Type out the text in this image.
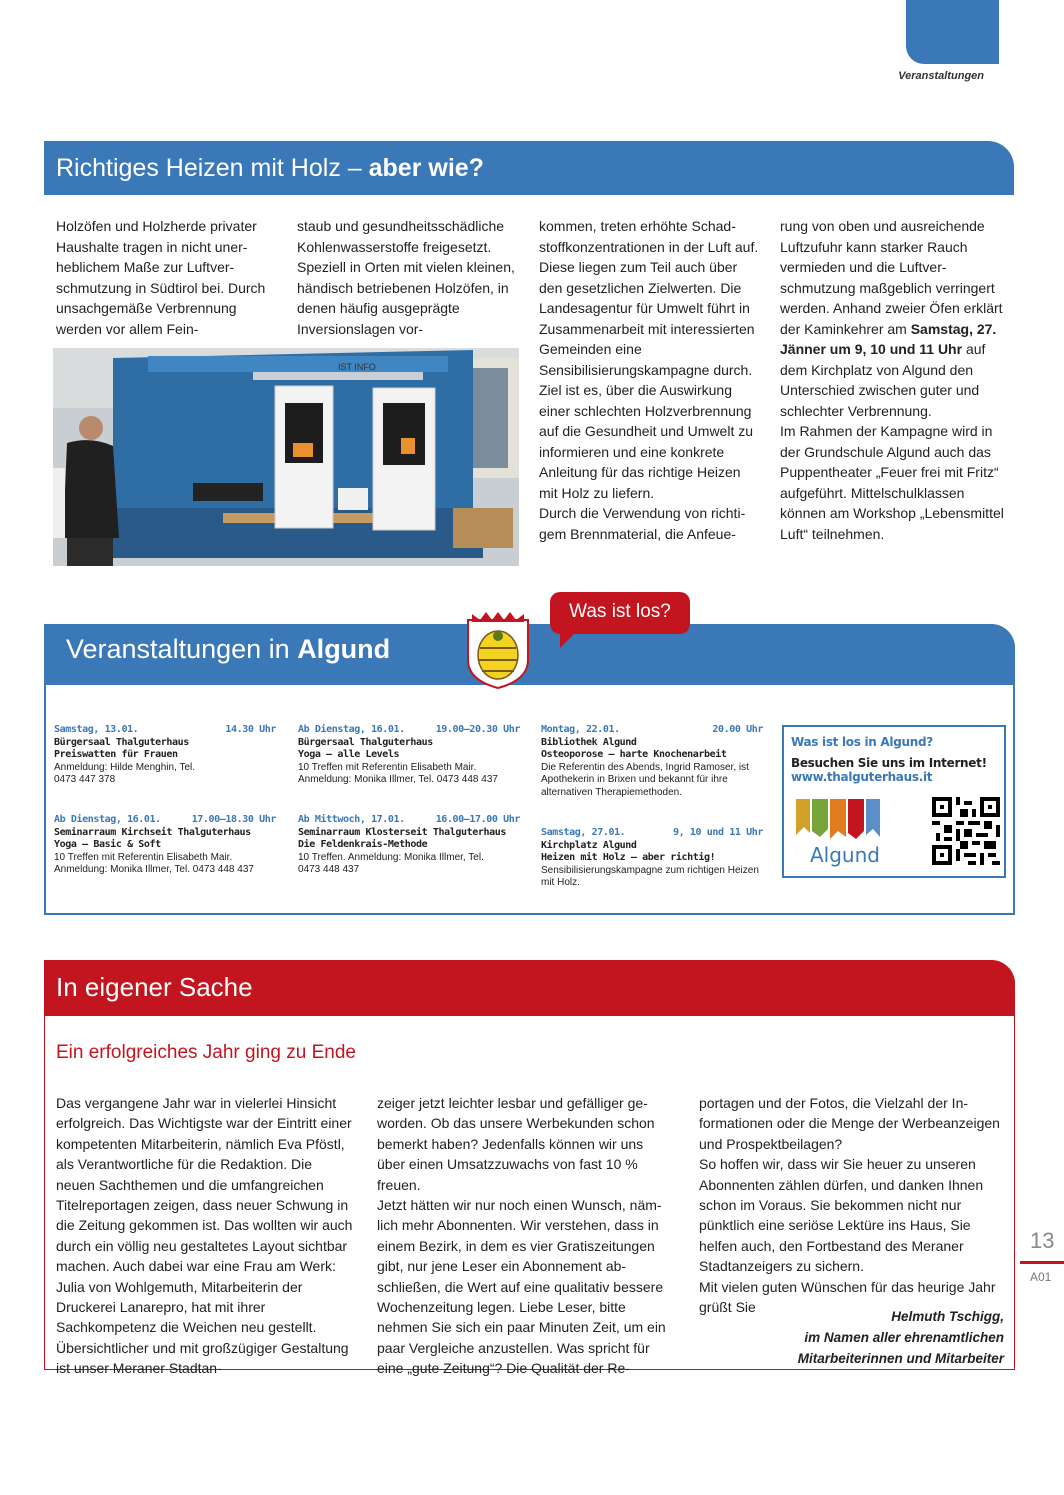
Veranstaltungen
Richtiges Heizen mit Holz – aber wie?

Holzöfen und Holzherde privater Haushalte tragen in nicht unerheblichem Maße zur Luftverschmutzung in Südtirol bei. Durch unsachgemäße Verbrennung werden vor allem Fein-

staub und gesundheitsschädliche Kohlenwasserstoffe freigesetzt. Speziell in Orten mit vielen kleinen, händisch betriebenen Holzöfen, in denen häufig ausgeprägte Inversionslagen vor-

kommen, treten erhöhte Schadstoffkonzentrationen in der Luft auf. Diese liegen zum Teil auch über den gesetzlichen Zielwerten. Die Landesagentur für Umwelt führt in Zusammenarbeit mit interessierten Gemeinden eine Sensibilisierungskampagne durch. Ziel ist es, über die Auswirkung einer schlechten Holzverbrennung auf die Gesundheit und Umwelt zu informieren und eine konkrete Anleitung für das richtige Heizen mit Holz zu liefern.

Durch die Verwendung von richtigem Brennmaterial, die Anfeue-

rung von oben und ausreichende Luftzufuhr kann starker Rauch vermieden und die Luftverschmutzung maßgeblich verringert werden. Anhand zweier Öfen erklärt der Kaminkehrer am Samstag, 27. Jänner um 9, 10 und 11 Uhr auf dem Kirchplatz von Algund den Unterschied zwischen guter und schlechter Verbrennung.

Im Rahmen der Kampagne wird in der Grundschule Algund auch das Puppentheater „Feuer frei mit Fritz“ aufgeführt. Mittelschulklassen können am Workshop „Lebensmittel Luft“ teilnehmen.

IST INFO
Veranstaltungen in Algund
Was ist los?
Samstag, 13.01.	14.30 Uhr
Bürgersaal Thalguterhaus
Preiswatten für Frauen
Anmeldung: Hilde Menghin, Tel. 0473 447 378
Ab Dienstag, 16.01.	17.00–18.30 Uhr
Seminarraum Kirchseit Thalguterhaus
Yoga – Basic & Soft
10 Treffen mit Referentin Elisabeth Mair. Anmeldung: Monika Illmer, Tel. 0473 448 437
Ab Dienstag, 16.01.	19.00–20.30 Uhr
Bürgersaal Thalguterhaus
Yoga – alle Levels
10 Treffen mit Referentin Elisabeth Mair. Anmeldung: Monika Illmer, Tel. 0473 448 437
Ab Mittwoch, 17.01.	16.00–17.00 Uhr
Seminarraum Klosterseit Thalguterhaus
Die Feldenkrais-Methode
10 Treffen. Anmeldung: Monika Illmer, Tel. 0473 448 437
Montag, 22.01.	20.00 Uhr
Bibliothek Algund
Osteoporose – harte Knochenarbeit
Die Referentin des Abends, Ingrid Ramoser, ist Apothekerin in Brixen und bekannt für ihre alternativen Therapiemethoden.
Samstag, 27.01.	9, 10 und 11 Uhr
Kirchplatz Algund
Heizen mit Holz – aber richtig!
Sensibilisierungskampagne zum richtigen Heizen mit Holz.
Was ist los in Algund?
Besuchen Sie uns im Internet!
www.thalguterhaus.it
Algund
In eigener Sache
Ein erfolgreiches Jahr ging zu Ende

Das vergangene Jahr war in vielerlei Hinsicht erfolgreich. Das Wichtigste war der Eintritt einer kompetenten Mitarbeiterin, nämlich Eva Pföstl, als Verantwortliche für die Redaktion. Die neuen Sachthemen und die umfangreichen Titelreportagen zeigen, dass neuer Schwung in die Zeitung gekommen ist. Das wollten wir auch durch ein völlig neu gestaltetes Layout sichtbar machen. Auch dabei war eine Frau am Werk: Julia von Wohlgemuth, Mitarbeiterin der Druckerei Lanarepro, hat mit ihrer Sachkompetenz die Weichen neu gestellt. Übersichtlicher und mit großzügiger Gestaltung ist unser Meraner Stadtan-

zeiger jetzt leichter lesbar und gefälliger geworden. Ob das unsere Werbekunden schon bemerkt haben? Jedenfalls können wir uns über einen Umsatzzuwachs von fast 10 % freuen.

Jetzt hätten wir nur noch einen Wunsch, nämlich mehr Abonnenten. Wir verstehen, dass in einem Bezirk, in dem es vier Gratiszeitungen gibt, nur jene Leser ein Abonnement abschließen, die Wert auf eine qualitativ bessere Wochenzeitung legen. Liebe Leser, bitte nehmen Sie sich ein paar Minuten Zeit, um ein paar Vergleiche anzustellen. Was spricht für eine „gute Zeitung“? Die Qualität der Re-

portagen und der Fotos, die Vielzahl der Informationen oder die Menge der Werbeanzeigen und Prospektbeilagen?

So hoffen wir, dass wir Sie heuer zu unseren Abonnenten zählen dürfen, und danken Ihnen schon im Voraus. Sie bekommen nicht nur pünktlich eine seriöse Lektüre ins Haus, Sie helfen auch, den Fortbestand des Meraner Stadtanzeigers zu sichern.

Mit vielen guten Wünschen für das heurige Jahr grüßt Sie

Helmuth Tschigg,
im Namen aller ehrenamtlichen
Mitarbeiterinnen und Mitarbeiter
13
A01
